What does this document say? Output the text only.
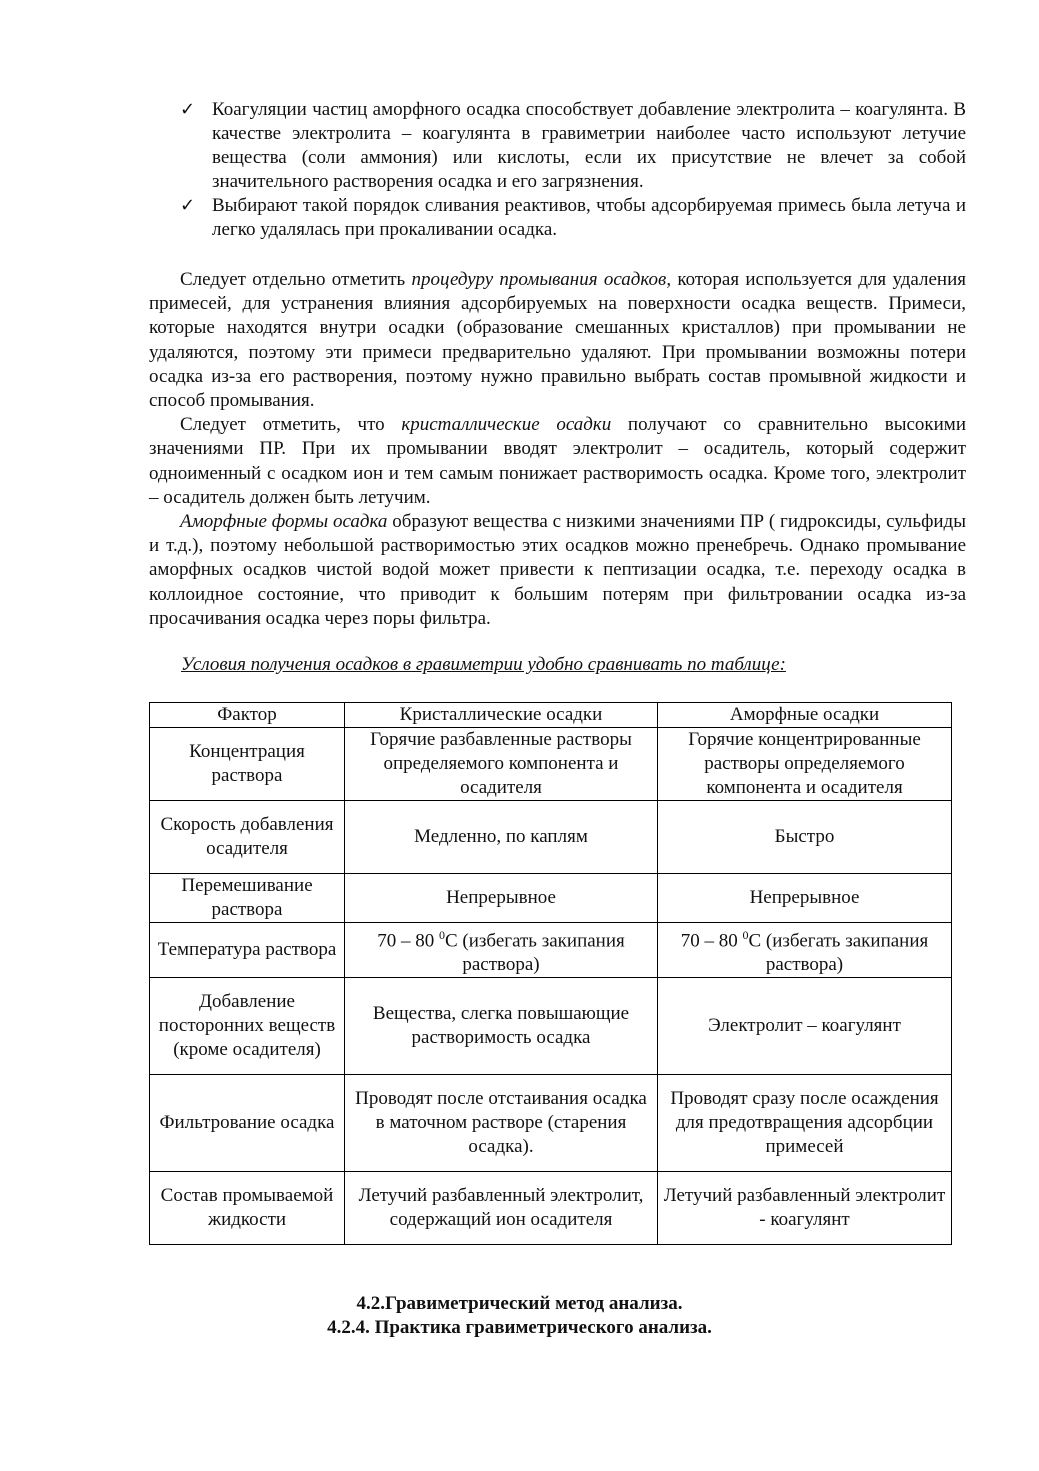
✓ Коагуляции частиц аморфного осадка способствует добавление электролита – коагулянта. В качестве электролита – коагулянта в гравиметрии наиболее часто используют летучие вещества (соли аммония) или кислоты, если их присутствие не влечет за собой значительного растворения осадка и его загрязнения.
✓ Выбирают такой порядок сливания реактивов, чтобы адсорбируемая примесь была летуча и легко удалялась при прокаливании осадка.

Следует отдельно отметить процедуру промывания осадков, которая используется для удаления примесей, для устранения влияния адсорбируемых на поверхности осадка веществ. Примеси, которые находятся внутри осадки (образование смешанных кристаллов) при промывании не удаляются, поэтому эти примеси предварительно удаляют. При промывании возможны потери осадка из-за его растворения, поэтому нужно правильно выбрать состав промывной жидкости и способ промывания.

Следует отметить, что кристаллические осадки получают со сравнительно высокими значениями ПР. При их промывании вводят электролит – осадитель, который содержит одноименный с осадком ион и тем самым понижает растворимость осадка. Кроме того, электролит – осадитель должен быть летучим.

Аморфные формы осадка образуют вещества с низкими значениями ПР ( гидроксиды, сульфиды и т.д.), поэтому небольшой растворимостью этих осадков можно пренебречь. Однако промывание аморфных осадков чистой водой может привести к пептизации осадка, т.е. переходу осадка в коллоидное состояние, что приводит к большим потерям при фильтровании осадка из-за просачивания осадка через поры фильтра.

Условия получения осадков в гравиметрии удобно сравнивать по таблице:
Фактор	Кристаллические осадки	Аморфные осадки
Концентрация раствора	Горячие разбавленные растворы определяемого компонента и осадителя	Горячие концентрированные растворы определяемого компонента и осадителя
Скорость добавления осадителя	Медленно, по каплям	Быстро
Перемешивание раствора	Непрерывное	Непрерывное
Температура раствора	70 – 80 $^0$С (избегать закипания раствора)	70 – 80 $^0$С (избегать закипания раствора)
Добавление посторонних веществ (кроме осадителя)	Вещества, слегка повышающие растворимость осадка	Электролит – коагулянт
Фильтрование осадка	Проводят после отстаивания осадка в маточном растворе (старения осадка).	Проводят сразу после осаждения для предотвращения адсорбции примесей
Состав промываемой жидкости	Летучий разбавленный электролит, содержащий ион осадителя	Летучий разбавленный электролит - коагулянт
4.2.Гравиметрический метод анализа.
4.2.4. Практика гравиметрического анализа.
